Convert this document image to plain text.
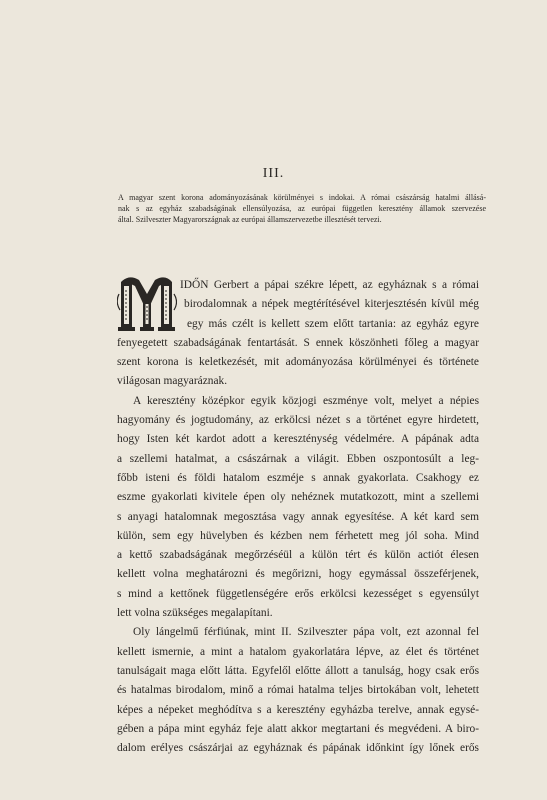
III.
A magyar szent korona adományozásának körülményei s indokai. A római császárság hatalmi állásá-
nak s az egyház szabadságának ellensúlyozása, az európai független keresztény államok szervezése
által. Szilveszter Magyarországnak az európai államszervezetbe illesztését tervezi.
IDŐN Gerbert a pápai székre lépett, az egyháznak s a római
birodalomnak a népek megtérítésével kiterjesztésén kívül még
egy más czélt is kellett szem előtt tartania: az egyház egyre
fenyegetett szabadságának fentartását. S ennek köszönheti főleg a magyar
szent korona is keletkezését, mit adományozása körülményei és története
világosan magyaráznak.
A keresztény középkor egyik közjogi eszménye volt, melyet a népies
hagyomány és jogtudomány, az erkölcsi nézet s a történet egyre hirdetett,
hogy Isten két kardot adott a kereszténység védelmére. A pápának adta
a szellemi hatalmat, a császárnak a világit. Ebben oszpontosúlt a leg-
főbb isteni és földi hatalom eszméje s annak gyakorlata. Csakhogy ez
eszme gyakorlati kivitele épen oly nehéznek mutatkozott, mint a szellemi
s anyagi hatalomnak megosztása vagy annak egyesítése. A két kard sem
külön, sem egy hüvelyben és kézben nem férhetett meg jól soha. Mind
a kettő szabadságának megőrzéséül a külön tért és külön actiót élesen
kellett volna meghatározni és megőrizni, hogy egymással összeférjenek,
s mind a kettőnek függetlenségére erős erkölcsi kezességet s egyensúlyt
lett volna szükséges megalapítani.
Oly lángelmű férfiúnak, mint II. Szilveszter pápa volt, ezt azonnal fel
kellett ismernie, a mint a hatalom gyakorlatára lépve, az élet és történet
tanulságait maga előtt látta. Egyfelől előtte állott a tanulság, hogy csak erős
és hatalmas birodalom, minő a római hatalma teljes birtokában volt, lehetett
képes a népeket meghódítva s a keresztény egyházba terelve, annak egysé-
gében a pápa mint egyház feje alatt akkor megtartani és megvédeni. A biro-
dalom erélyes császárjai az egyháznak és pápának időnkint így lőnek erős
